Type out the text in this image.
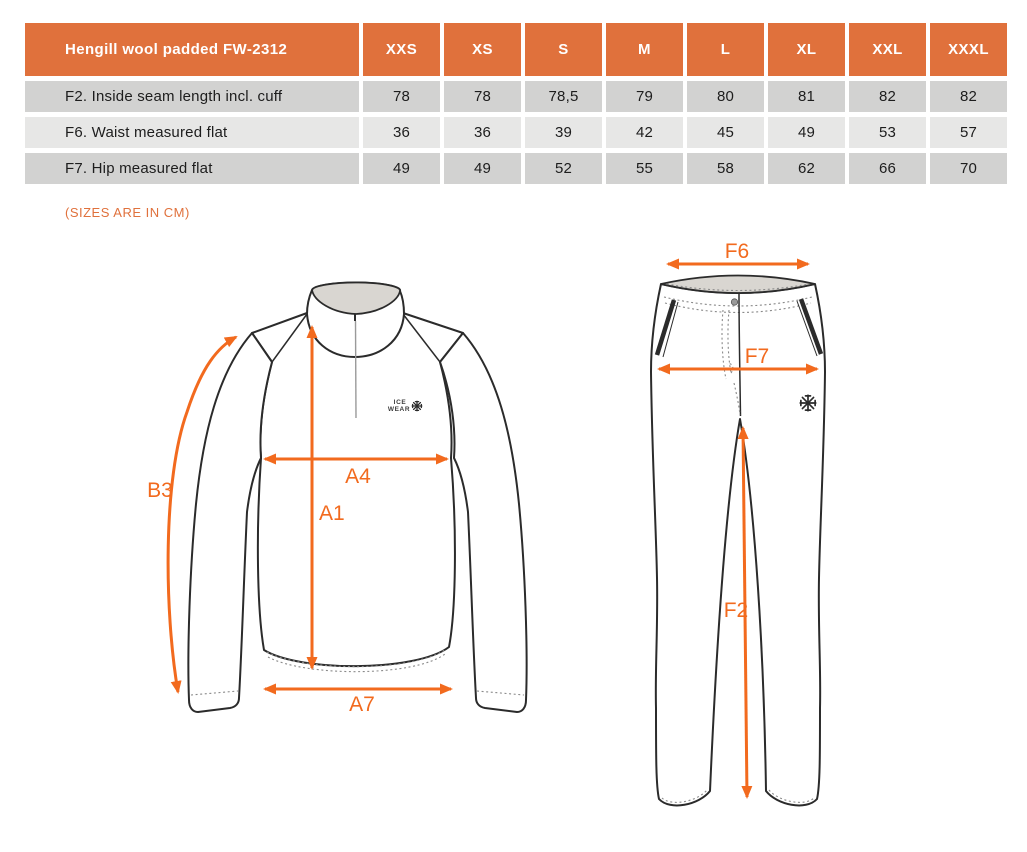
Hengill wool padded FW-2312	XXS	XS	S	M	L	XL	XXL	XXXL
F2. Inside seam length incl. cuff	78	78	78,5	79	80	81	82	82
F6. Waist measured flat	36	36	39	42	45	49	53	57
F7. Hip measured flat	49	49	52	55	58	62	66	70
(SIZES ARE IN CM)
ICE
WEAR
B3
A1
A4
A7
F6
F7
F2
